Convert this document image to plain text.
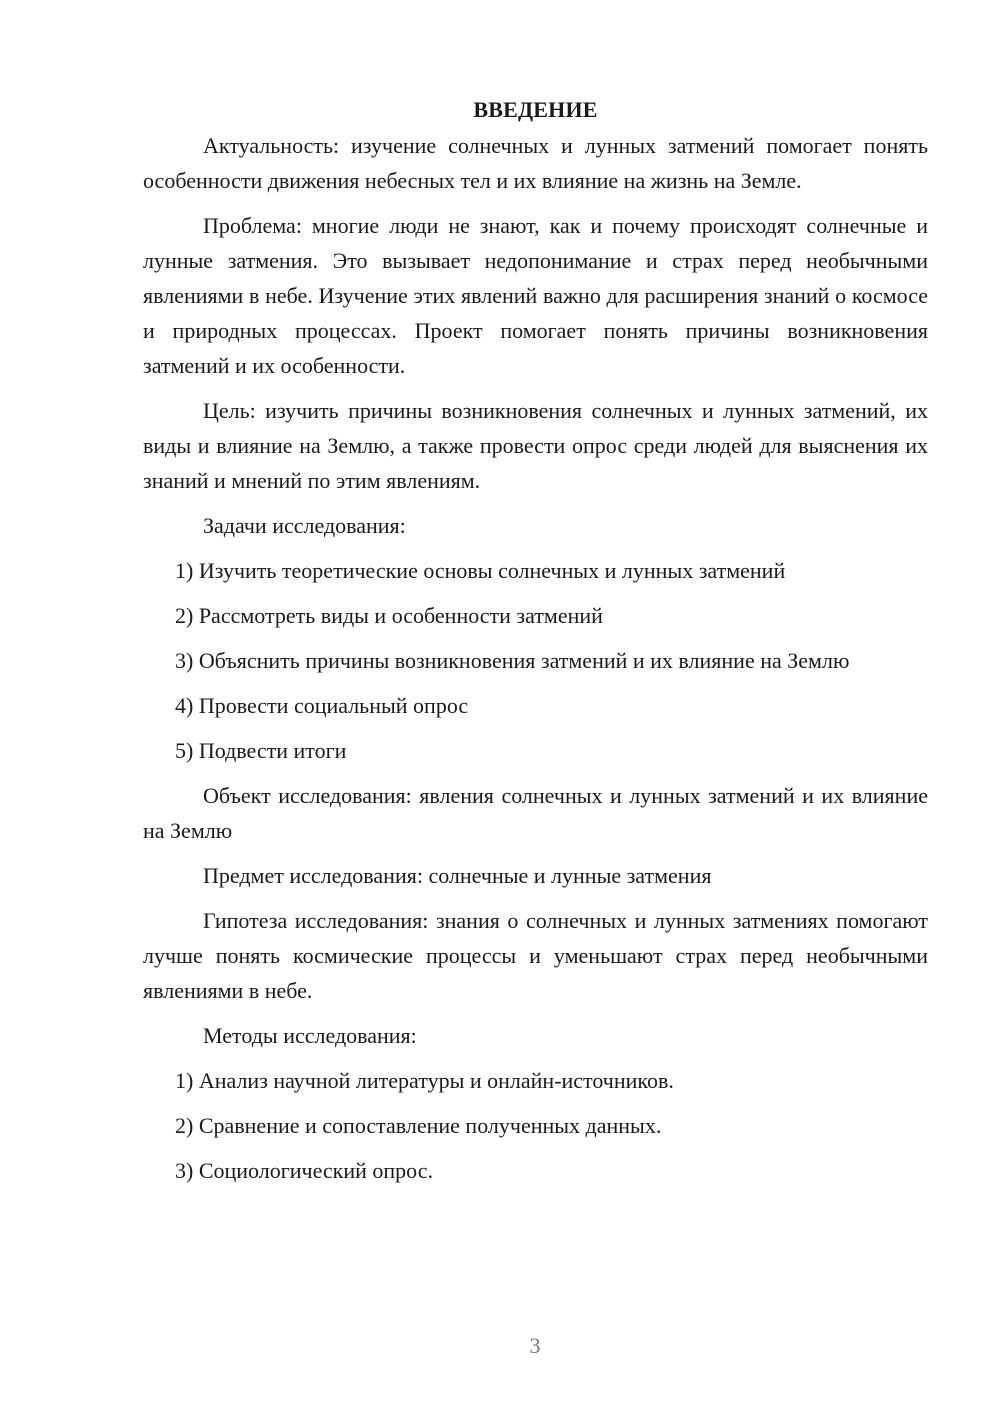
ВВЕДЕНИЕ

Актуальность: изучение солнечных и лунных затмений помогает понять особенности движения небесных тел и их влияние на жизнь на Земле.

Проблема: многие люди не знают, как и почему происходят солнечные и лунные затмения. Это вызывает недопонимание и страх перед необычными явлениями в небе. Изучение этих явлений важно для расширения знаний о космосе и природных процессах. Проект помогает понять причины возникновения затмений и их особенности.

Цель: изучить причины возникновения солнечных и лунных затмений, их виды и влияние на Землю, а также провести опрос среди людей для выяснения их знаний и мнений по этим явлениям.

Задачи исследования:

1) Изучить теоретические основы солнечных и лунных затмений

2) Рассмотреть виды и особенности затмений

3) Объяснить причины возникновения затмений и их влияние на Землю

4) Провести социальный опрос

5) Подвести итоги

Объект исследования: явления солнечных и лунных затмений и их влияние на Землю

Предмет исследования: солнечные и лунные затмения

Гипотеза исследования: знания о солнечных и лунных затмениях помогают лучше понять космические процессы и уменьшают страх перед необычными явлениями в небе.

Методы исследования:

1) Анализ научной литературы и онлайн-источников.

2) Сравнение и сопоставление полученных данных.

3) Социологический опрос.

3
